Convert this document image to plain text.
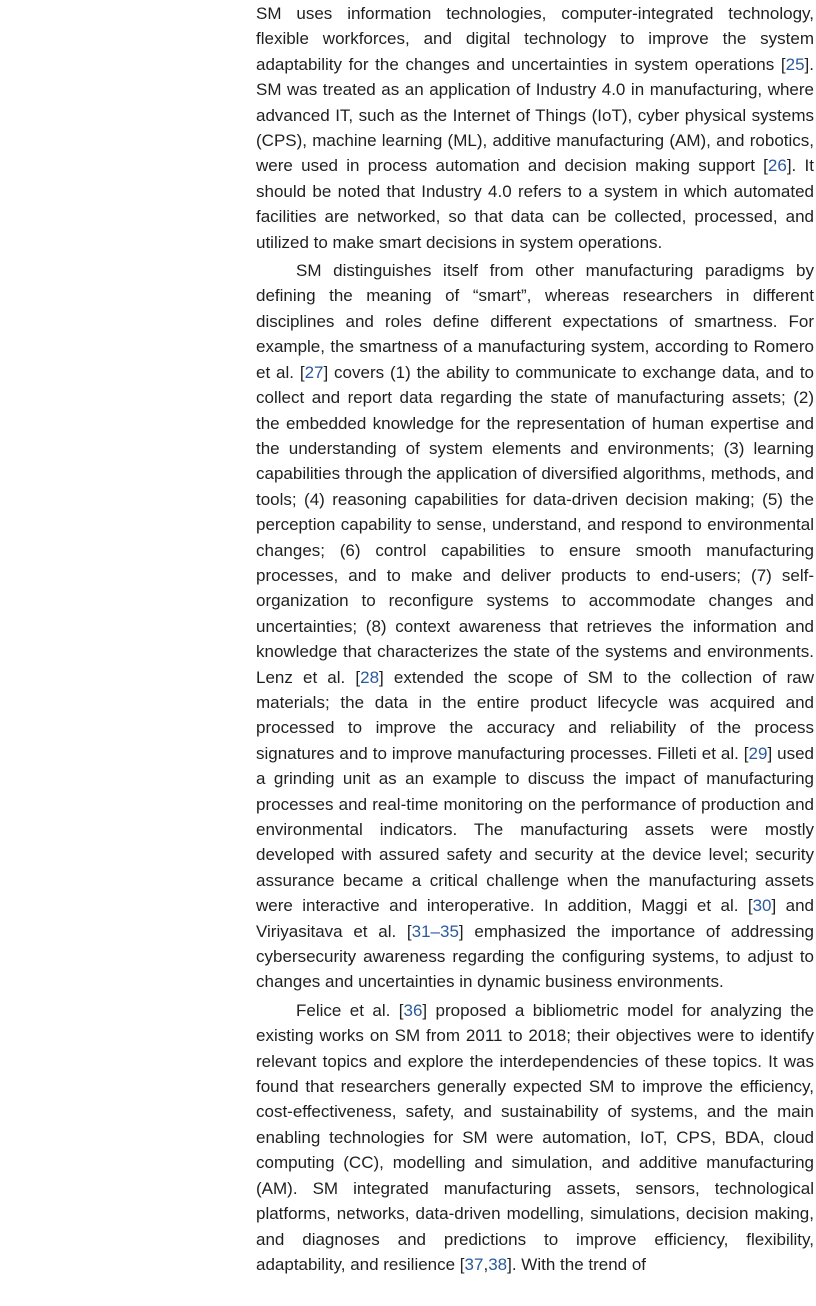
SM uses information technologies, computer-integrated technology, flexible workforces, and digital technology to improve the system adaptability for the changes and uncertainties in system operations [25]. SM was treated as an application of Industry 4.0 in manufacturing, where advanced IT, such as the Internet of Things (IoT), cyber physical systems (CPS), machine learning (ML), additive manufacturing (AM), and robotics, were used in process automation and decision making support [26]. It should be noted that Industry 4.0 refers to a system in which automated facilities are networked, so that data can be collected, processed, and utilized to make smart decisions in system operations.

SM distinguishes itself from other manufacturing paradigms by defining the meaning of “smart”, whereas researchers in different disciplines and roles define different expectations of smartness. For example, the smartness of a manufacturing system, according to Romero et al. [27] covers (1) the ability to communicate to exchange data, and to collect and report data regarding the state of manufacturing assets; (2) the embedded knowledge for the representation of human expertise and the understanding of system elements and environments; (3) learning capabilities through the application of diversified algorithms, methods, and tools; (4) reasoning capabilities for data-driven decision making; (5) the perception capability to sense, understand, and respond to environmental changes; (6) control capabilities to ensure smooth manufacturing processes, and to make and deliver products to end-users; (7) self-organization to reconfigure systems to accommodate changes and uncertainties; (8) context awareness that retrieves the information and knowledge that characterizes the state of the systems and environments. Lenz et al. [28] extended the scope of SM to the collection of raw materials; the data in the entire product lifecycle was acquired and processed to improve the accuracy and reliability of the process signatures and to improve manufacturing processes. Filleti et al. [29] used a grinding unit as an example to discuss the impact of manufacturing processes and real-time monitoring on the performance of production and environmental indicators. The manufacturing assets were mostly developed with assured safety and security at the device level; security assurance became a critical challenge when the manufacturing assets were interactive and interoperative. In addition, Maggi et al. [30] and Viriyasitava et al. [31–35] emphasized the importance of addressing cybersecurity awareness regarding the configuring systems, to adjust to changes and uncertainties in dynamic business environments.

Felice et al. [36] proposed a bibliometric model for analyzing the existing works on SM from 2011 to 2018; their objectives were to identify relevant topics and explore the interdependencies of these topics. It was found that researchers generally expected SM to improve the efficiency, cost-effectiveness, safety, and sustainability of systems, and the main enabling technologies for SM were automation, IoT, CPS, BDA, cloud computing (CC), modelling and simulation, and additive manufacturing (AM). SM integrated manufacturing assets, sensors, technological platforms, networks, data-driven modelling, simulations, decision making, and diagnoses and predictions to improve efficiency, flexibility, adaptability, and resilience [37,38]. With the trend of
